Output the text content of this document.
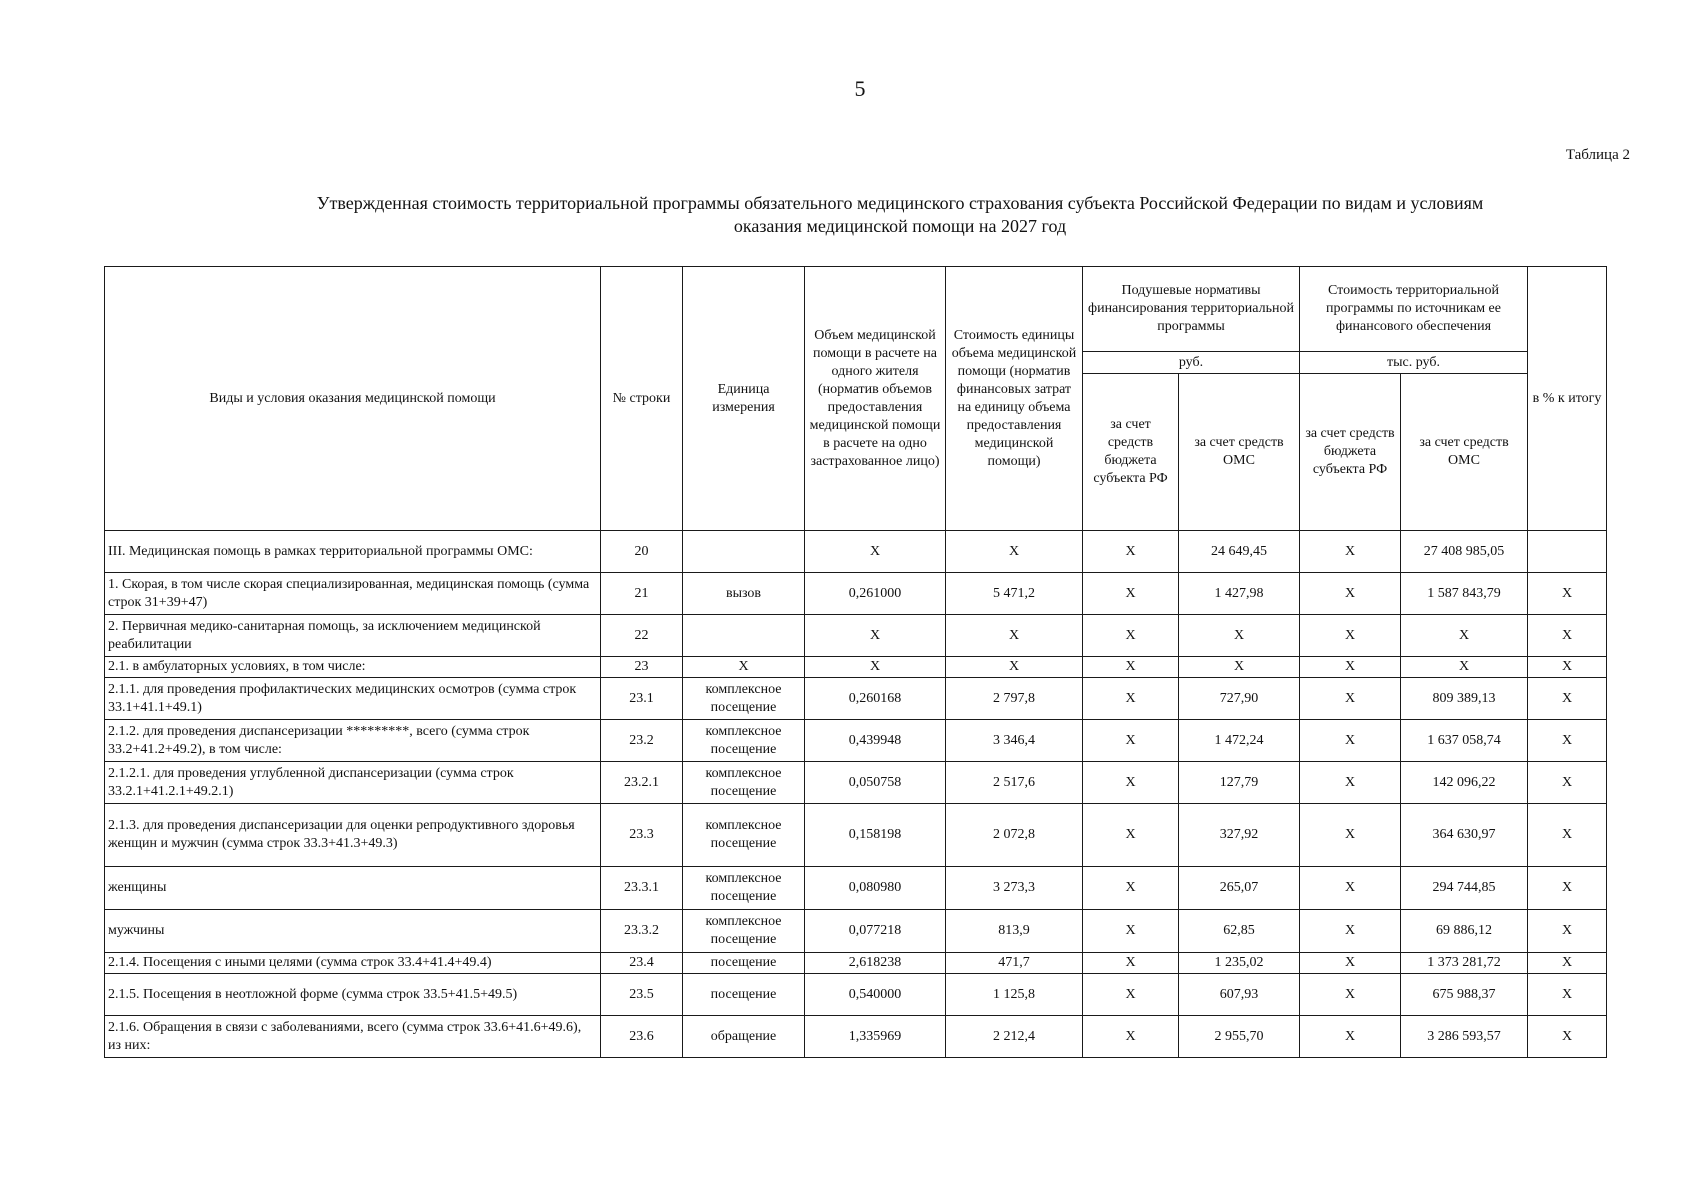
5
Таблица 2
Утвержденная стоимость территориальной программы обязательного медицинского страхования субъекта Российской Федерации по видам и условиям
оказания медицинской помощи на 2027 год
Виды и условия оказания медицинской помощи	№ строки	Единица измерения	Объем медицинской помощи в расчете на одного жителя (норматив объемов предоставления медицинской помощи в расчете на одно застрахованное лицо)	Стоимость единицы объема медицинской помощи (норматив финансовых затрат на единицу объема предоставления медицинской помощи)	Подушевые нормативы финансирования территориальной программы		Стоимость территориальной программы по источникам ее финансового обеспечения		в % к итогу
					руб.		тыс. руб.		
					за счет средств бюджета субъекта РФ	за счет средств ОМС	за счет средств бюджета субъекта РФ	за счет средств ОМС	
III. Медицинская помощь в рамках территориальной программы ОМС:	20		X	X	X	24 649,45	X	27 408 985,05	
1. Скорая, в том числе скорая специализированная, медицинская помощь (сумма строк 31+39+47)	21	вызов	0,261000	5 471,2	X	1 427,98	X	1 587 843,79	X
2. Первичная медико-санитарная помощь, за исключением медицинской реабилитации	22		X	X	X	X	X	X	X
2.1. в амбулаторных условиях, в том числе:	23	X	X	X	X	X	X	X	X
2.1.1. для проведения профилактических медицинских осмотров (сумма строк 33.1+41.1+49.1)	23.1	комплексное посещение	0,260168	2 797,8	X	727,90	X	809 389,13	X
2.1.2. для проведения диспансеризации *********, всего (сумма строк 33.2+41.2+49.2), в том числе:	23.2	комплексное посещение	0,439948	3 346,4	X	1 472,24	X	1 637 058,74	X
2.1.2.1. для проведения углубленной диспансеризации (сумма строк 33.2.1+41.2.1+49.2.1)	23.2.1	комплексное посещение	0,050758	2 517,6	X	127,79	X	142 096,22	X
2.1.3. для проведения диспансеризации для оценки репродуктивного здоровья женщин и мужчин (сумма строк 33.3+41.3+49.3)	23.3	комплексное посещение	0,158198	2 072,8	X	327,92	X	364 630,97	X
женщины	23.3.1	комплексное посещение	0,080980	3 273,3	X	265,07	X	294 744,85	X
мужчины	23.3.2	комплексное посещение	0,077218	813,9	X	62,85	X	69 886,12	X
2.1.4. Посещения с иными целями (сумма строк 33.4+41.4+49.4)	23.4	посещение	2,618238	471,7	X	1 235,02	X	1 373 281,72	X
2.1.5. Посещения в неотложной форме (сумма строк 33.5+41.5+49.5)	23.5	посещение	0,540000	1 125,8	X	607,93	X	675 988,37	X
2.1.6. Обращения в связи с заболеваниями, всего (сумма строк 33.6+41.6+49.6), из них:	23.6	обращение	1,335969	2 212,4	X	2 955,70	X	3 286 593,57	X
